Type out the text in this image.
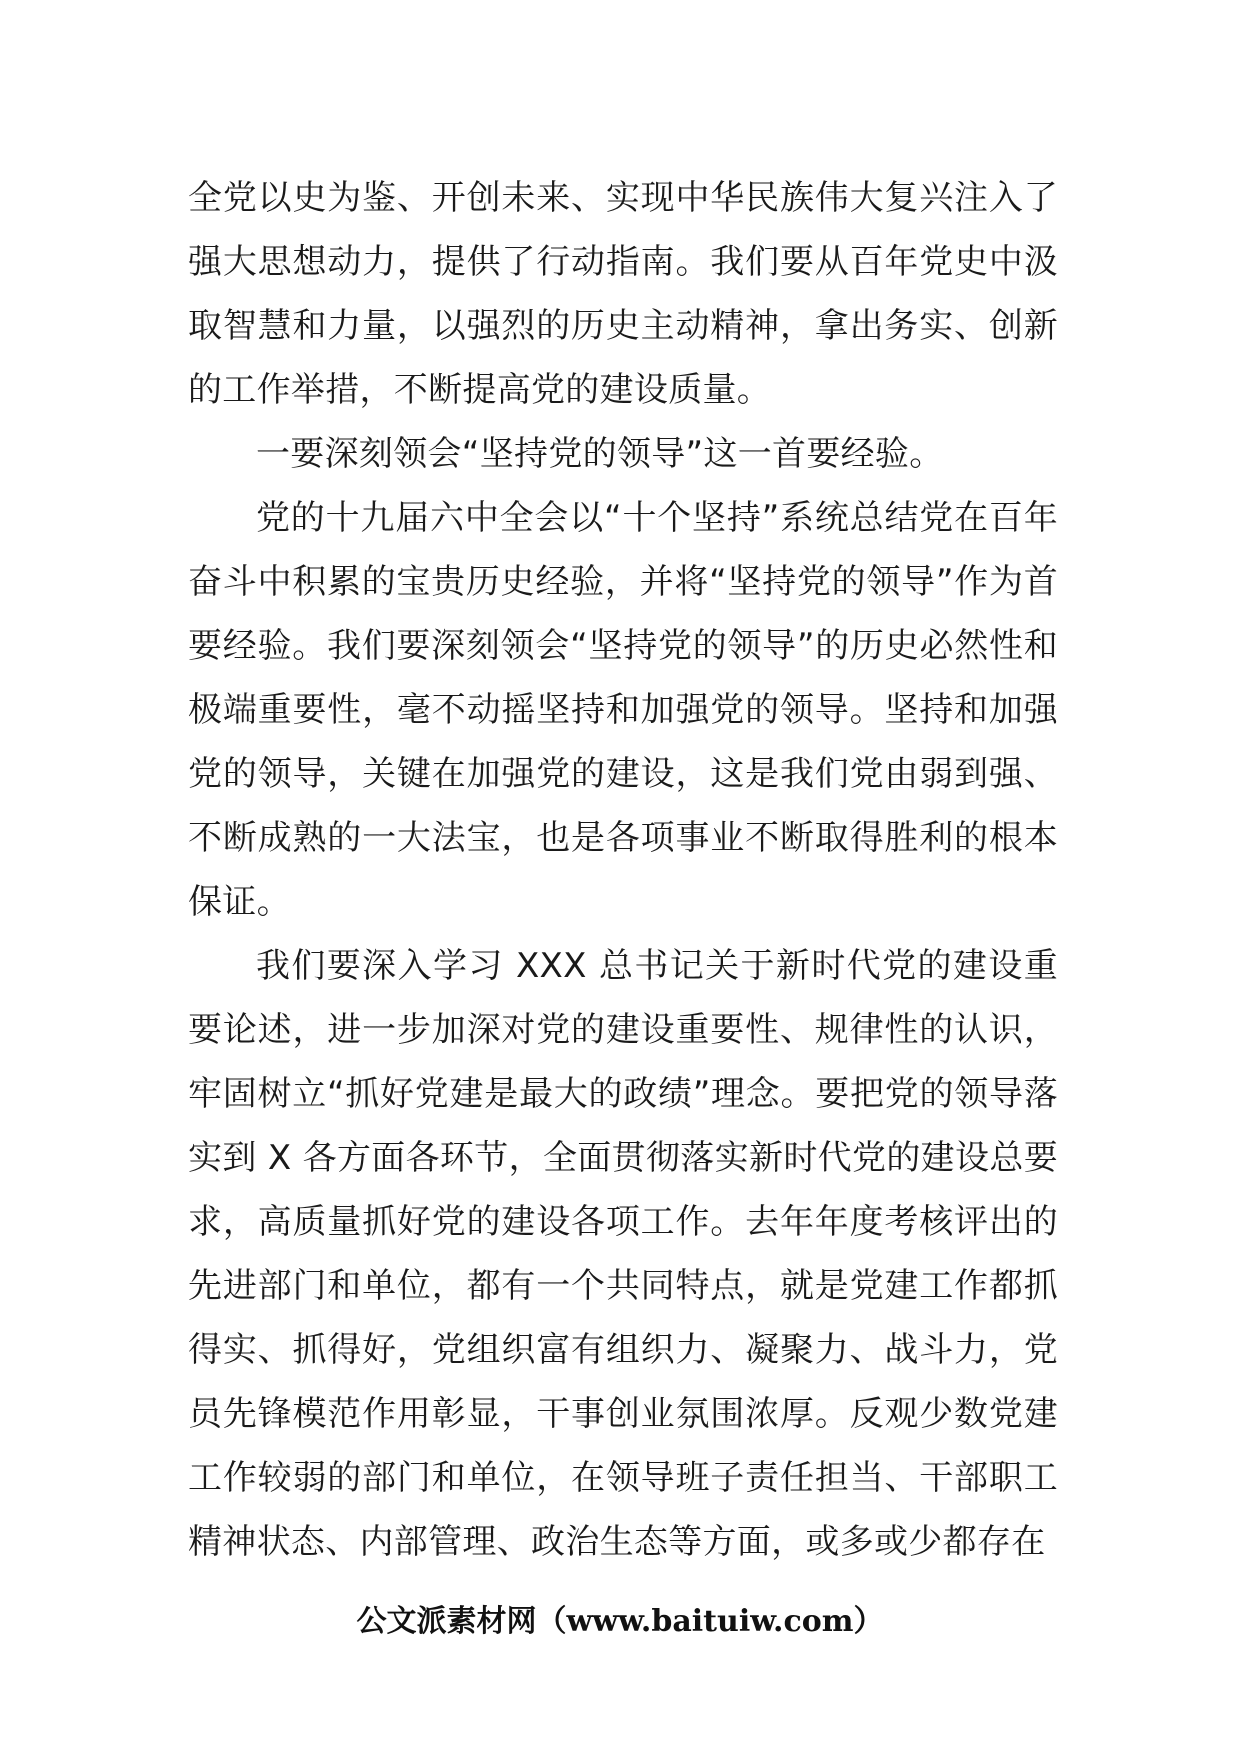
全党以史为鉴、开创未来、实现中华民族伟大复兴注入了强大思想动力，提供了行动指南。我们要从百年党史中汲取智慧和力量，以强烈的历史主动精神，拿出务实、创新的工作举措，不断提高党的建设质量。

一要深刻领会“坚持党的领导”这一首要经验。

党的十九届六中全会以“十个坚持”系统总结党在百年奋斗中积累的宝贵历史经验，并将“坚持党的领导”作为首要经验。我们要深刻领会“坚持党的领导”的历史必然性和极端重要性，毫不动摇坚持和加强党的领导。坚持和加强党的领导，关键在加强党的建设，这是我们党由弱到强、不断成熟的一大法宝，也是各项事业不断取得胜利的根本保证。

我们要深入学习 XXX 总书记关于新时代党的建设重要论述，进一步加深对党的建设重要性、规律性的认识，牢固树立“抓好党建是最大的政绩”理念。要把党的领导落实到 X 各方面各环节，全面贯彻落实新时代党的建设总要求，高质量抓好党的建设各项工作。去年年度考核评出的先进部门和单位，都有一个共同特点，就是党建工作都抓得实、抓得好，党组织富有组织力、凝聚力、战斗力，党员先锋模范作用彰显，干事创业氛围浓厚。反观少数党建工作较弱的部门和单位，在领导班子责任担当、干部职工精神状态、内部管理、政治生态等方面，或多或少都存在

公文派素材网（www.baituiw.com）
